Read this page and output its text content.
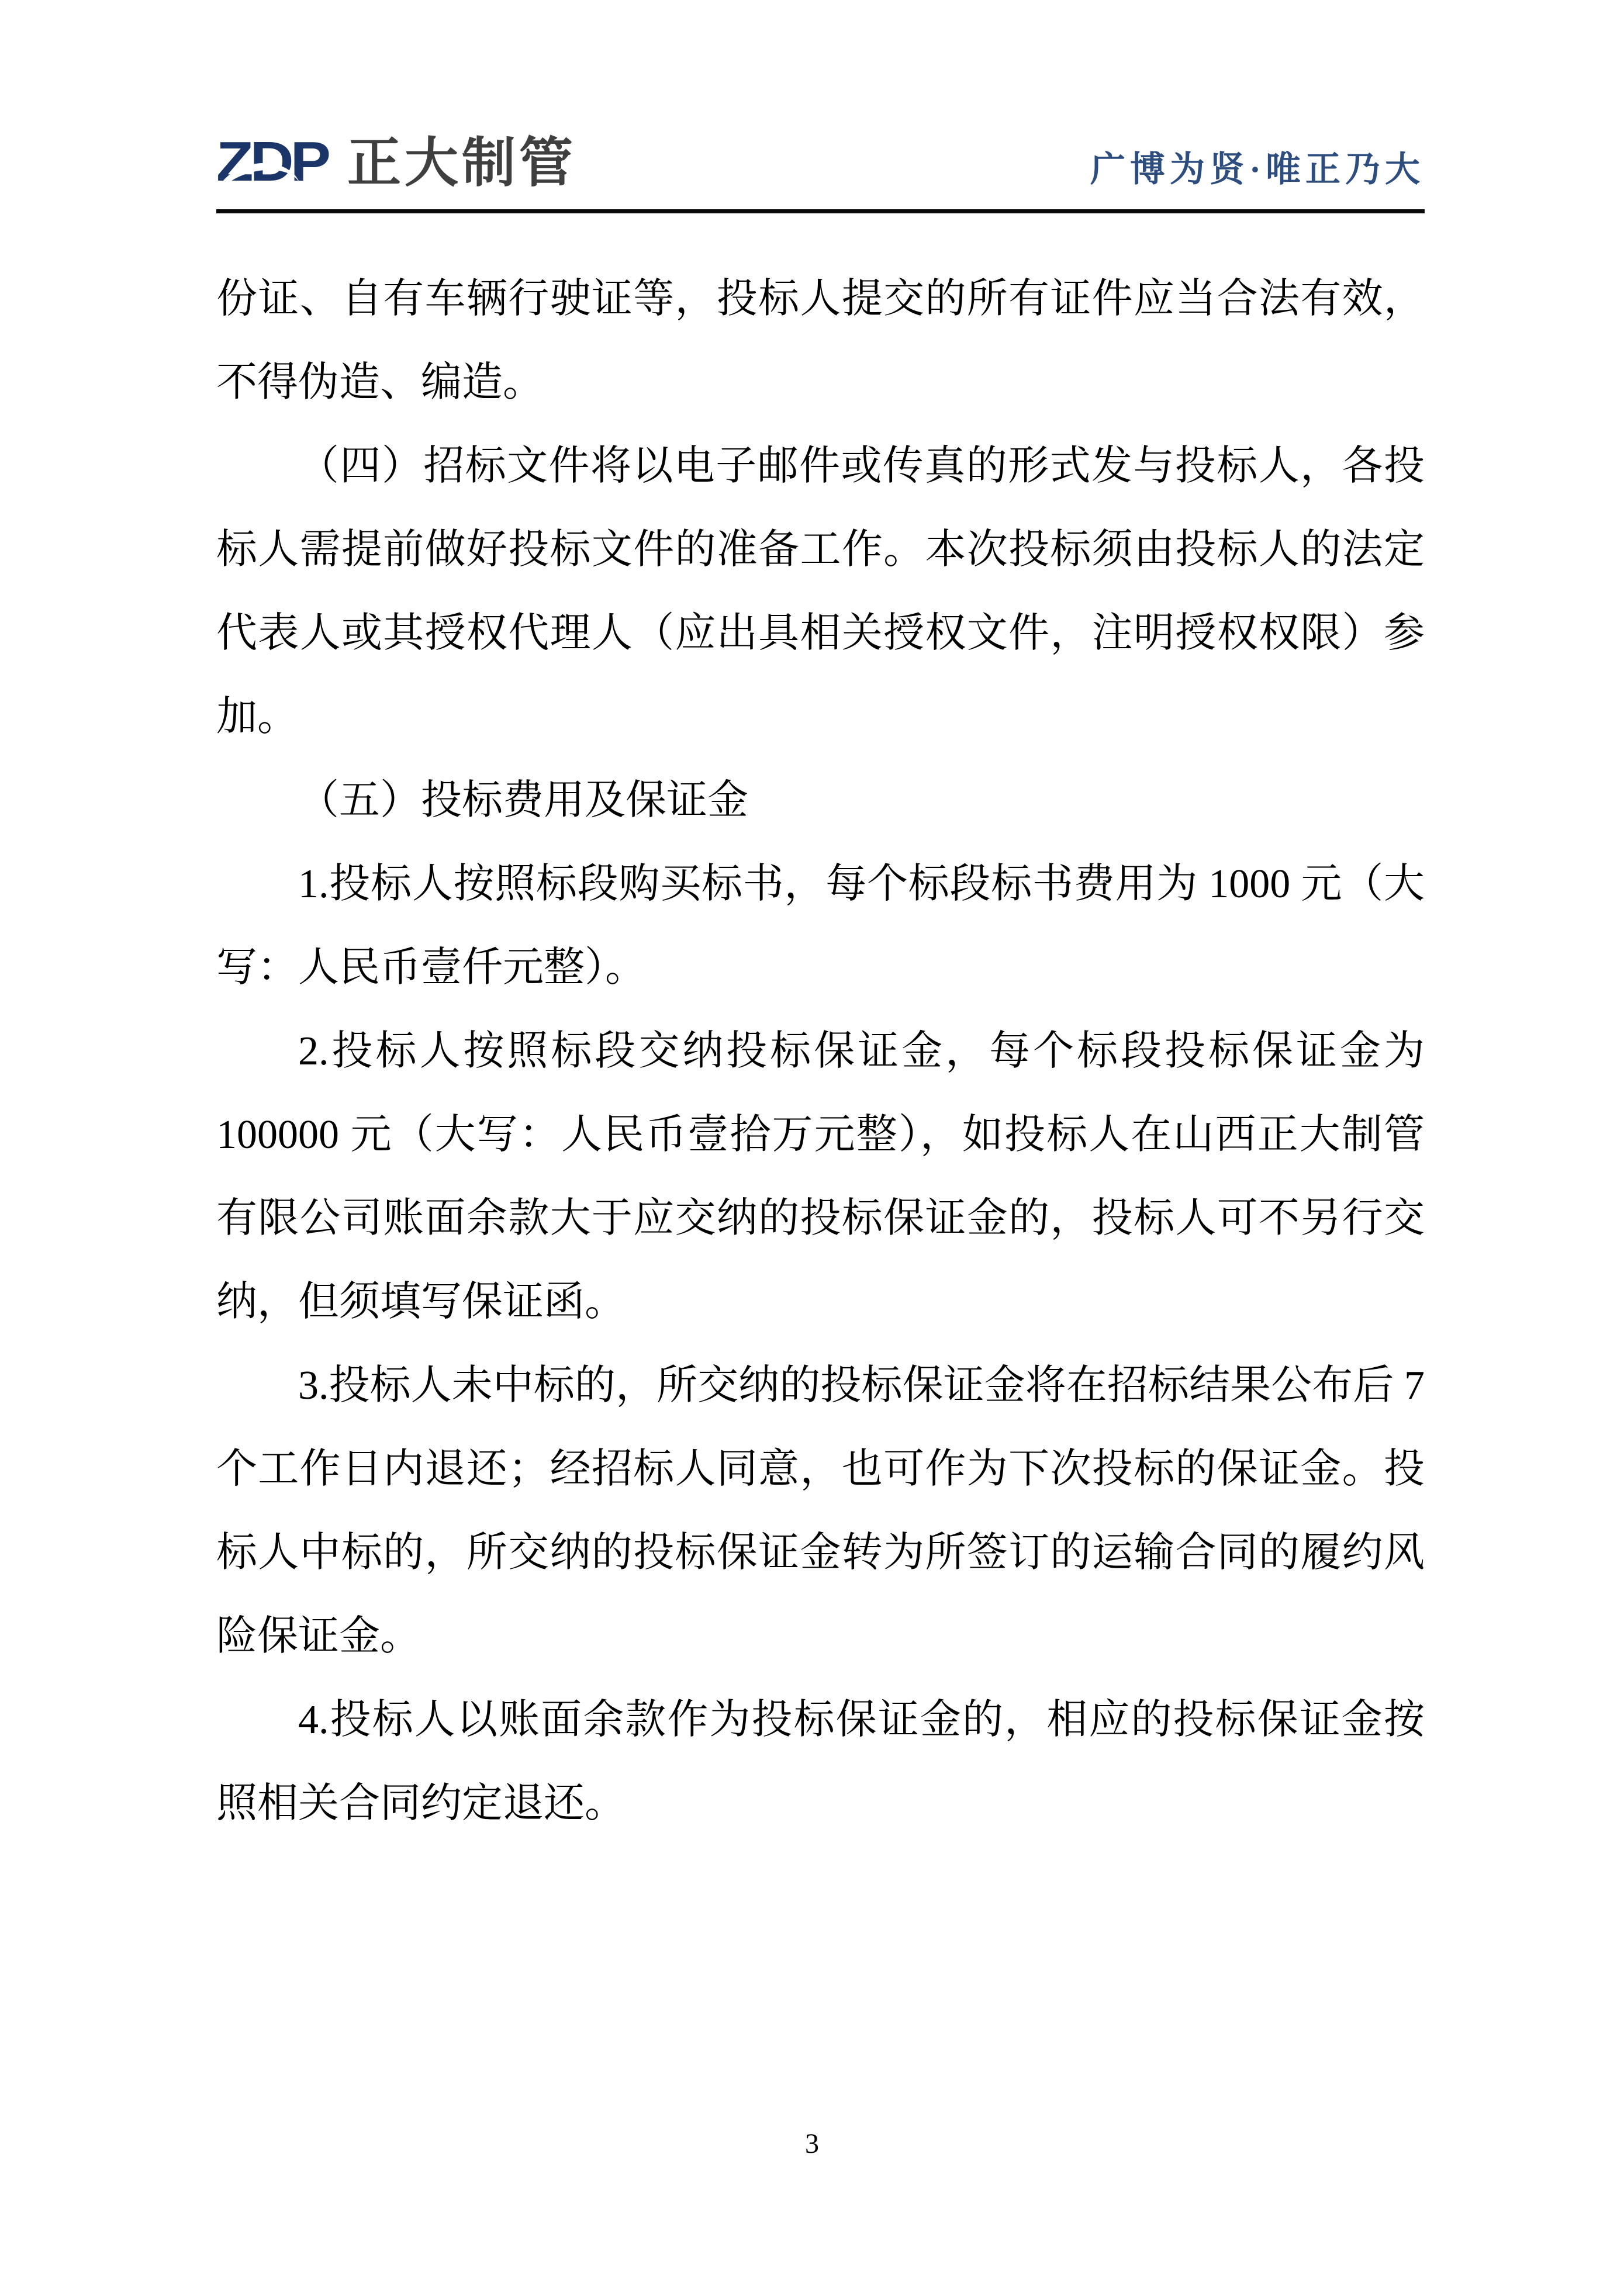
ZDP 正大制管	广博为贤·唯正乃大

份证、自有车辆行驶证等，投标人提交的所有证件应当合法有效，不得伪造、编造。

（四）招标文件将以电子邮件或传真的形式发与投标人，各投标人需提前做好投标文件的准备工作。本次投标须由投标人的法定代表人或其授权代理人（应出具相关授权文件，注明授权权限）参加。

（五）投标费用及保证金

1.投标人按照标段购买标书，每个标段标书费用为 1000 元（大写：人民币壹仟元整）。

2.投标人按照标段交纳投标保证金，每个标段投标保证金为 100000 元（大写：人民币壹拾万元整），如投标人在山西正大制管有限公司账面余款大于应交纳的投标保证金的，投标人可不另行交纳，但须填写保证函。

3.投标人未中标的，所交纳的投标保证金将在招标结果公布后 7 个工作日内退还；经招标人同意，也可作为下次投标的保证金。投标人中标的，所交纳的投标保证金转为所签订的运输合同的履约风险保证金。

4.投标人以账面余款作为投标保证金的，相应的投标保证金按照相关合同约定退还。

3
